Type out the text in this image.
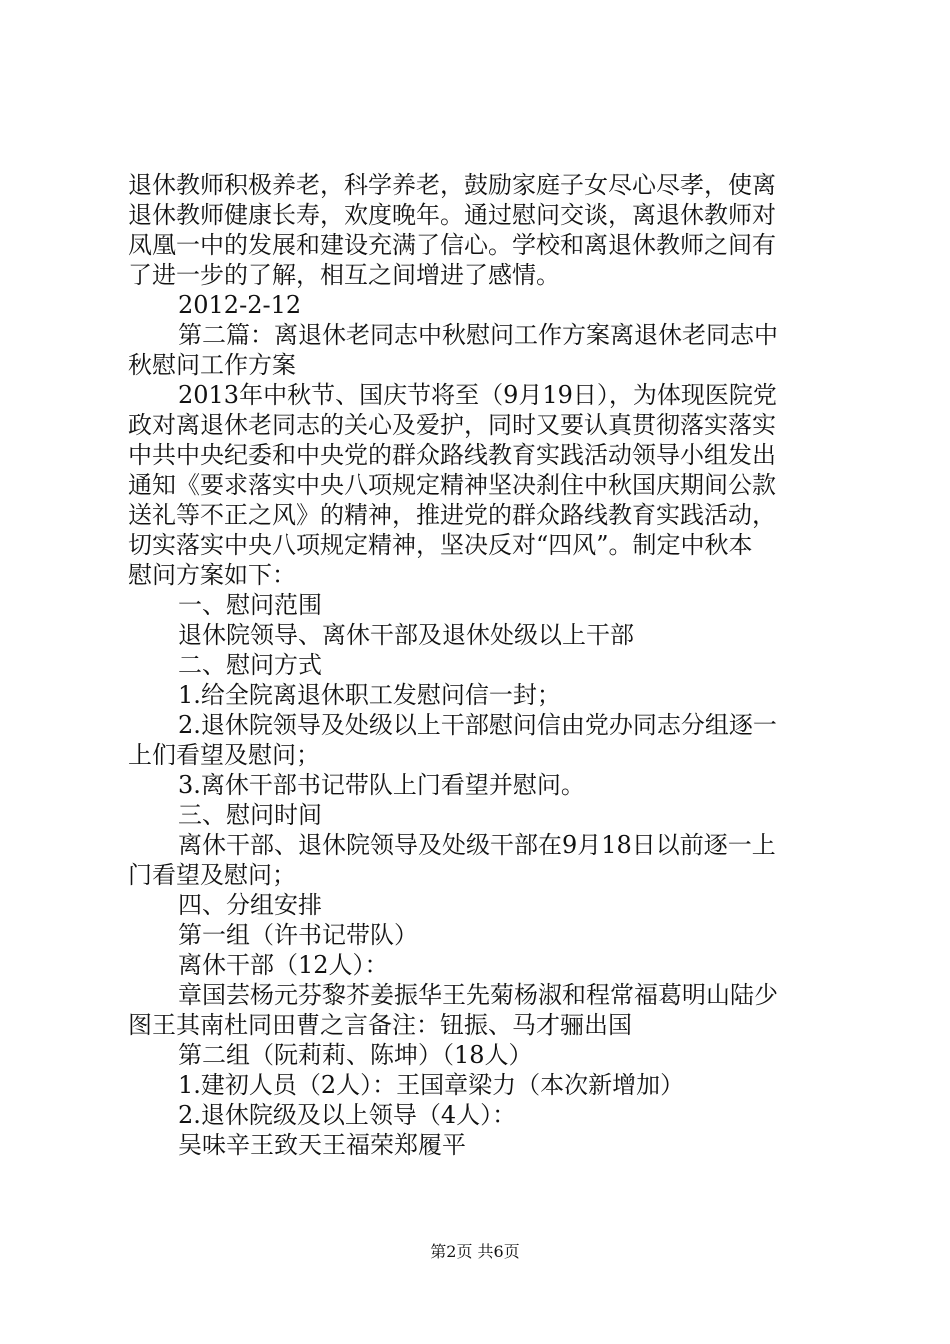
退休教师积极养老，科学养老，鼓励家庭子女尽心尽孝，使离
退休教师健康长寿，欢度晚年。通过慰问交谈，离退休教师对
凤凰一中的发展和建设充满了信心。学校和离退休教师之间有
了进一步的了解，相互之间增进了感情。
2012-2-12
第二篇：离退休老同志中秋慰问工作方案离退休老同志中
秋慰问工作方案
2013年中秋节、国庆节将至（9月19日），为体现医院党
政对离退休老同志的关心及爱护，同时又要认真贯彻落实落实
中共中央纪委和中央党的群众路线教育实践活动领导小组发出
通知《要求落实中央八项规定精神坚决刹住中秋国庆期间公款
送礼等不正之风》的精神，推进党的群众路线教育实践活动，
切实落实中央八项规定精神，坚决反对“四风”。制定中秋本
慰问方案如下：
一、慰问范围
退休院领导、离休干部及退休处级以上干部
二、慰问方式
1.给全院离退休职工发慰问信一封；
2.退休院领导及处级以上干部慰问信由党办同志分组逐一
上们看望及慰问；
3.离休干部书记带队上门看望并慰问。
三、慰问时间
离休干部、退休院领导及处级干部在9月18日以前逐一上
门看望及慰问；
四、分组安排
第一组（许书记带队）
离休干部（12人）：
章国芸杨元芬黎芥姜振华王先菊杨淑和程常福葛明山陆少
图王其南杜同田曹之言备注：钮振、马才骊出国
第二组（阮莉莉、陈坤）（18人）
1.建初人员（2人）：王国章梁力（本次新增加）
2.退休院级及以上领导（4人）：
吴味辛王致天王福荣郑履平
第2页 共6页
